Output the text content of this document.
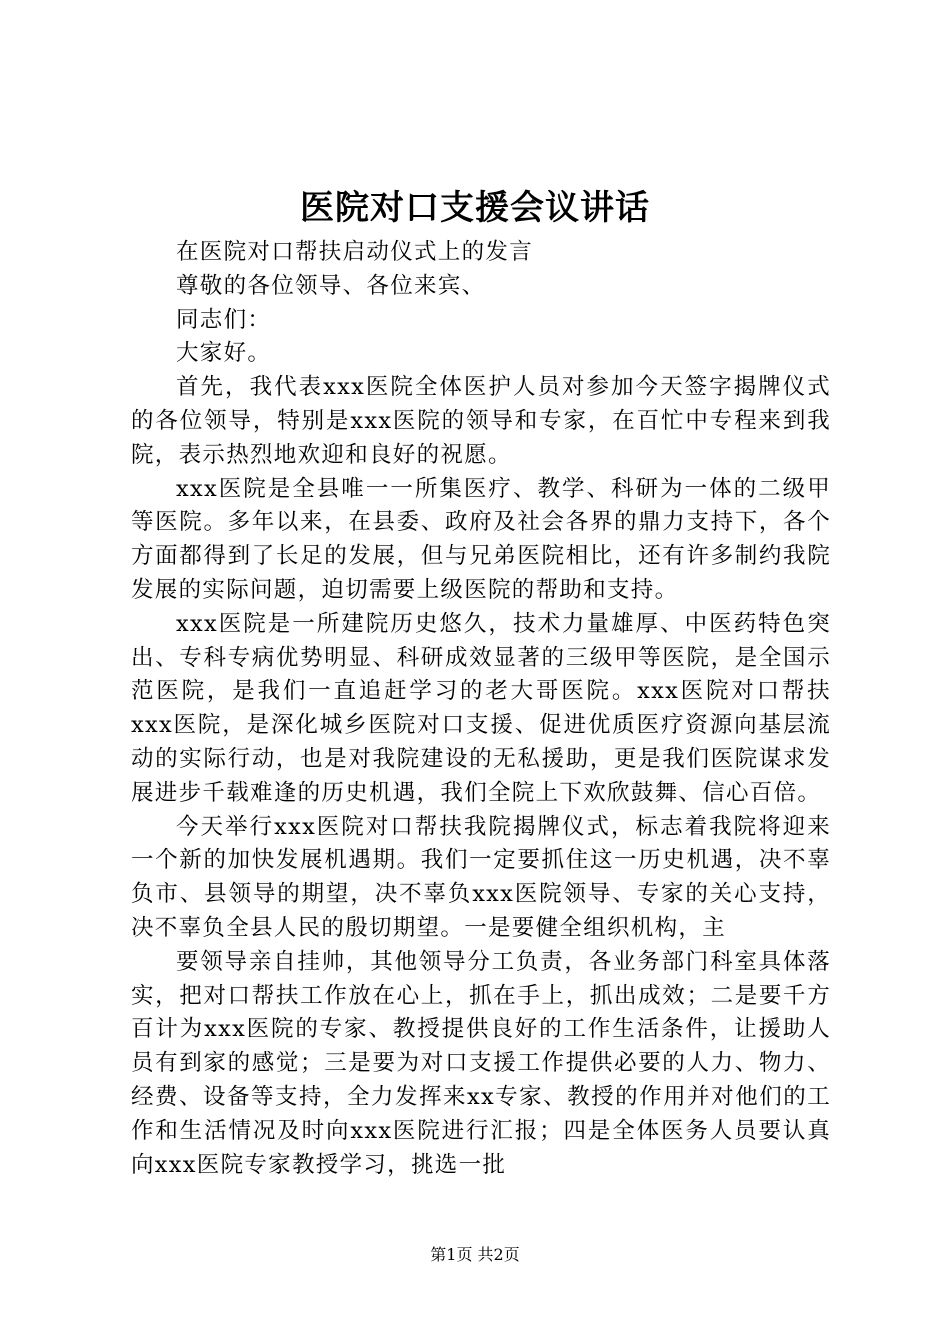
医院对口支援会议讲话

在医院对口帮扶启动仪式上的发言

尊敬的各位领导、各位来宾、

同志们：

大家好。

首先，我代表xxx医院全体医护人员对参加今天签字揭牌仪式的各位领导，特别是xxx医院的领导和专家，在百忙中专程来到我院，表示热烈地欢迎和良好的祝愿。

xxx医院是全县唯一一所集医疗、教学、科研为一体的二级甲等医院。多年以来，在县委、政府及社会各界的鼎力支持下，各个方面都得到了长足的发展，但与兄弟医院相比，还有许多制约我院发展的实际问题，迫切需要上级医院的帮助和支持。

xxx医院是一所建院历史悠久，技术力量雄厚、中医药特色突出、专科专病优势明显、科研成效显著的三级甲等医院，是全国示范医院，是我们一直追赶学习的老大哥医院。xxx医院对口帮扶xxx医院，是深化城乡医院对口支援、促进优质医疗资源向基层流动的实际行动，也是对我院建设的无私援助，更是我们医院谋求发展进步千载难逢的历史机遇，我们全院上下欢欣鼓舞、信心百倍。

今天举行xxx医院对口帮扶我院揭牌仪式，标志着我院将迎来一个新的加快发展机遇期。我们一定要抓住这一历史机遇，决不辜负市、县领导的期望，决不辜负xxx医院领导、专家的关心支持，决不辜负全县人民的殷切期望。一是要健全组织机构，主

要领导亲自挂帅，其他领导分工负责，各业务部门科室具体落实，把对口帮扶工作放在心上，抓在手上，抓出成效；二是要千方百计为xxx医院的专家、教授提供良好的工作生活条件，让援助人员有到家的感觉；三是要为对口支援工作提供必要的人力、物力、经费、设备等支持，全力发挥来xx专家、教授的作用并对他们的工作和生活情况及时向xxx医院进行汇报；四是全体医务人员要认真向xxx医院专家教授学习，挑选一批

第1页 共2页
